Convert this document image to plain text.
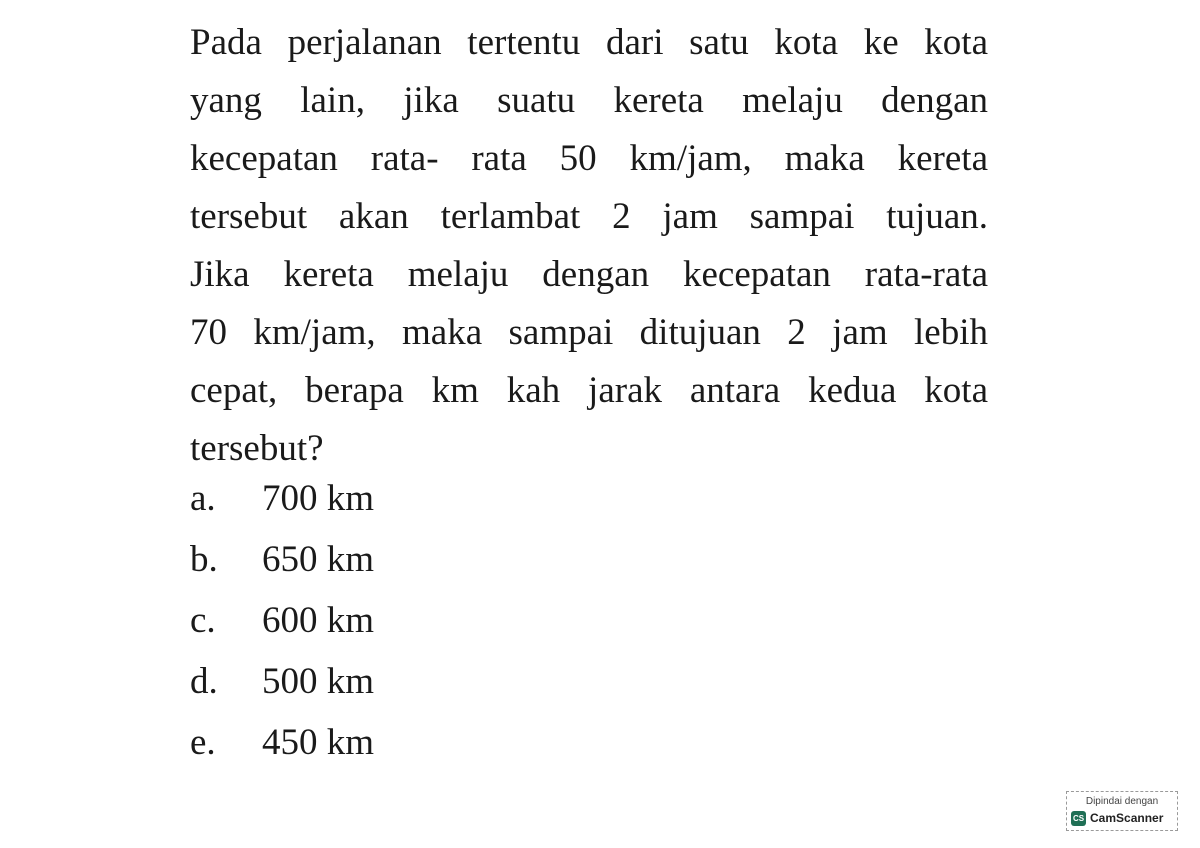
Pada perjalanan tertentu dari satu kota ke kota
yang lain, jika suatu kereta melaju dengan
kecepatan rata- rata 50 km/jam, maka kereta
tersebut akan terlambat 2 jam sampai tujuan.
Jika kereta melaju dengan kecepatan rata-rata
70 km/jam, maka sampai ditujuan 2 jam lebih
cepat, berapa km kah jarak antara kedua kota
tersebut?
a.	700 km
b.	650 km
c.	600 km
d.	500 km
e.	450 km
Dipindai dengan
CS CamScanner
